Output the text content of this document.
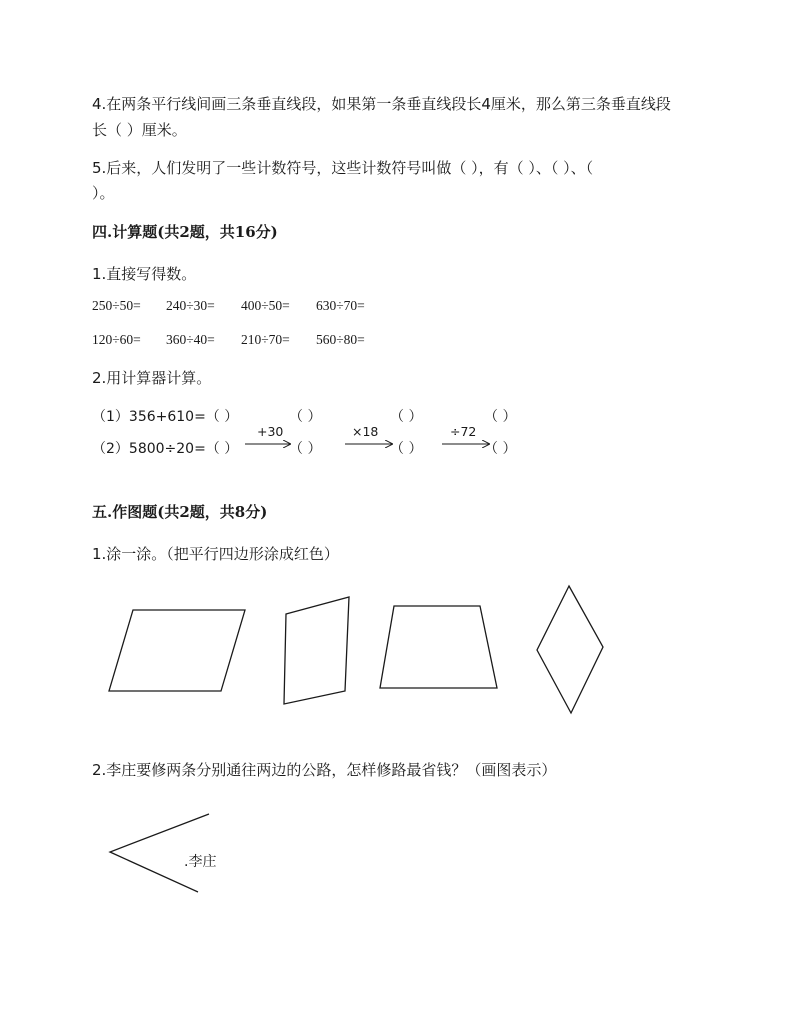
4.在两条平行线间画三条垂直线段，如果第一条垂直线段长4厘米，那么第三条垂直线段
长（ ）厘米。
5.后来，人们发明了一些计数符号，这些计数符号叫做（ ），有（ ）、（ ）、（
）。
四.计算题(共2题，共16分)
1.直接写得数。
250÷50= 240÷30= 400÷50= 630÷70=
120÷60= 360÷40= 210÷70= 560÷80=
2.用计算器计算。
（1）356+610=（ ）	（ ）	（ ）	（ ）
（2）5800÷20=（ ）
+30
（ ）
×18
（ ）
÷72
（ ）
五.作图题(共2题，共8分)
1.涂一涂。（把平行四边形涂成红色）
2.李庄要修两条分别通往两边的公路，怎样修路最省钱？（画图表示）
.李庄
